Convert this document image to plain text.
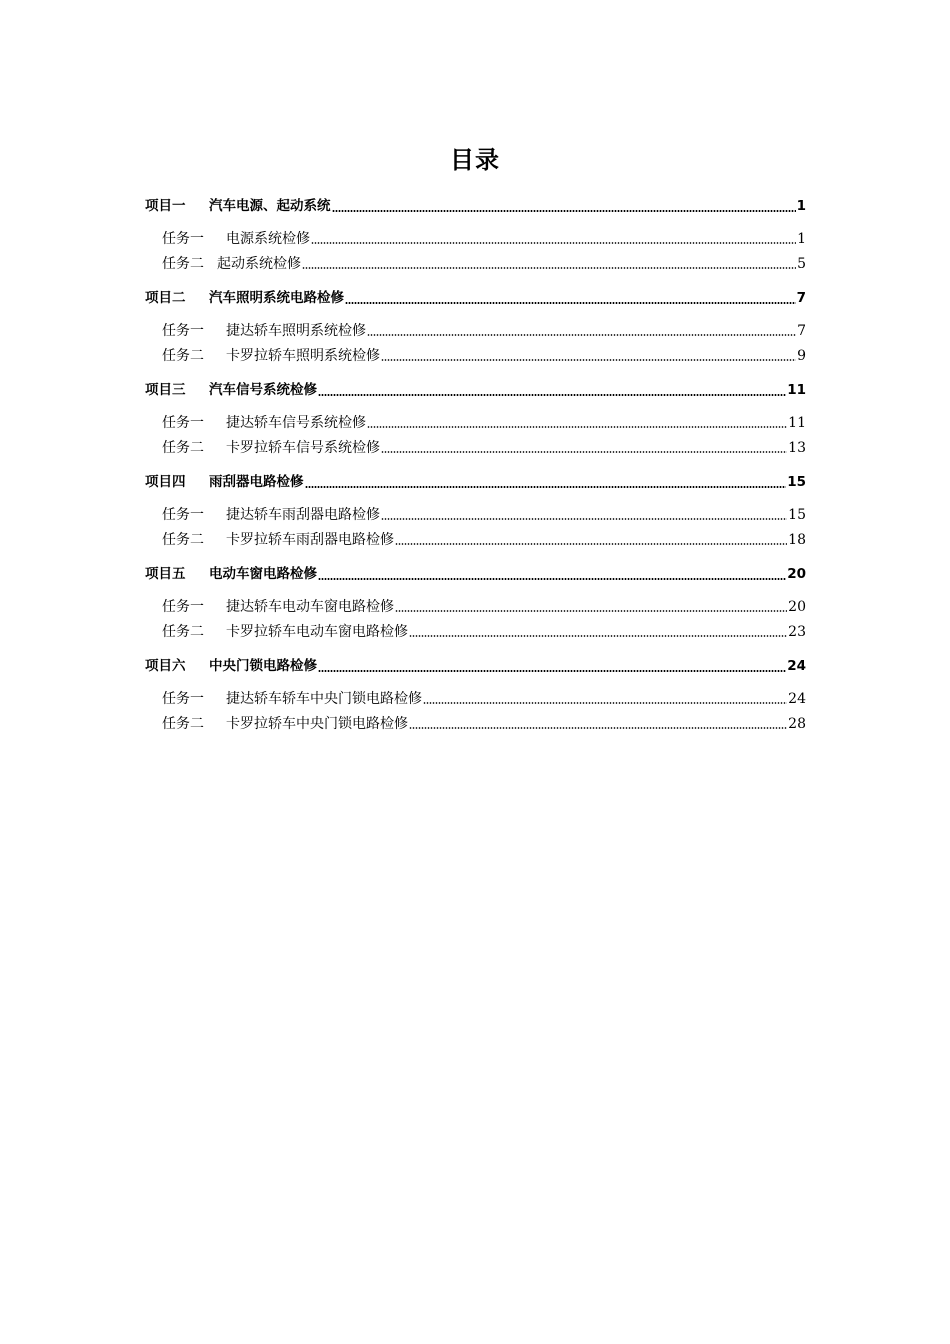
目录
项目一 汽车电源、起动系统	1
任务一 电源系统检修	1
任务二 起动系统检修	5
项目二 汽车照明系统电路检修	7
任务一 捷达轿车照明系统检修	7
任务二 卡罗拉轿车照明系统检修	9
项目三 汽车信号系统检修	11
任务一 捷达轿车信号系统检修	11
任务二 卡罗拉轿车信号系统检修	13
项目四 雨刮器电路检修	15
任务一 捷达轿车雨刮器电路检修	15
任务二 卡罗拉轿车雨刮器电路检修	18
项目五 电动车窗电路检修	20
任务一 捷达轿车电动车窗电路检修	20
任务二 卡罗拉轿车电动车窗电路检修	23
项目六 中央门锁电路检修	24
任务一 捷达轿车轿车中央门锁电路检修	24
任务二 卡罗拉轿车中央门锁电路检修	28
